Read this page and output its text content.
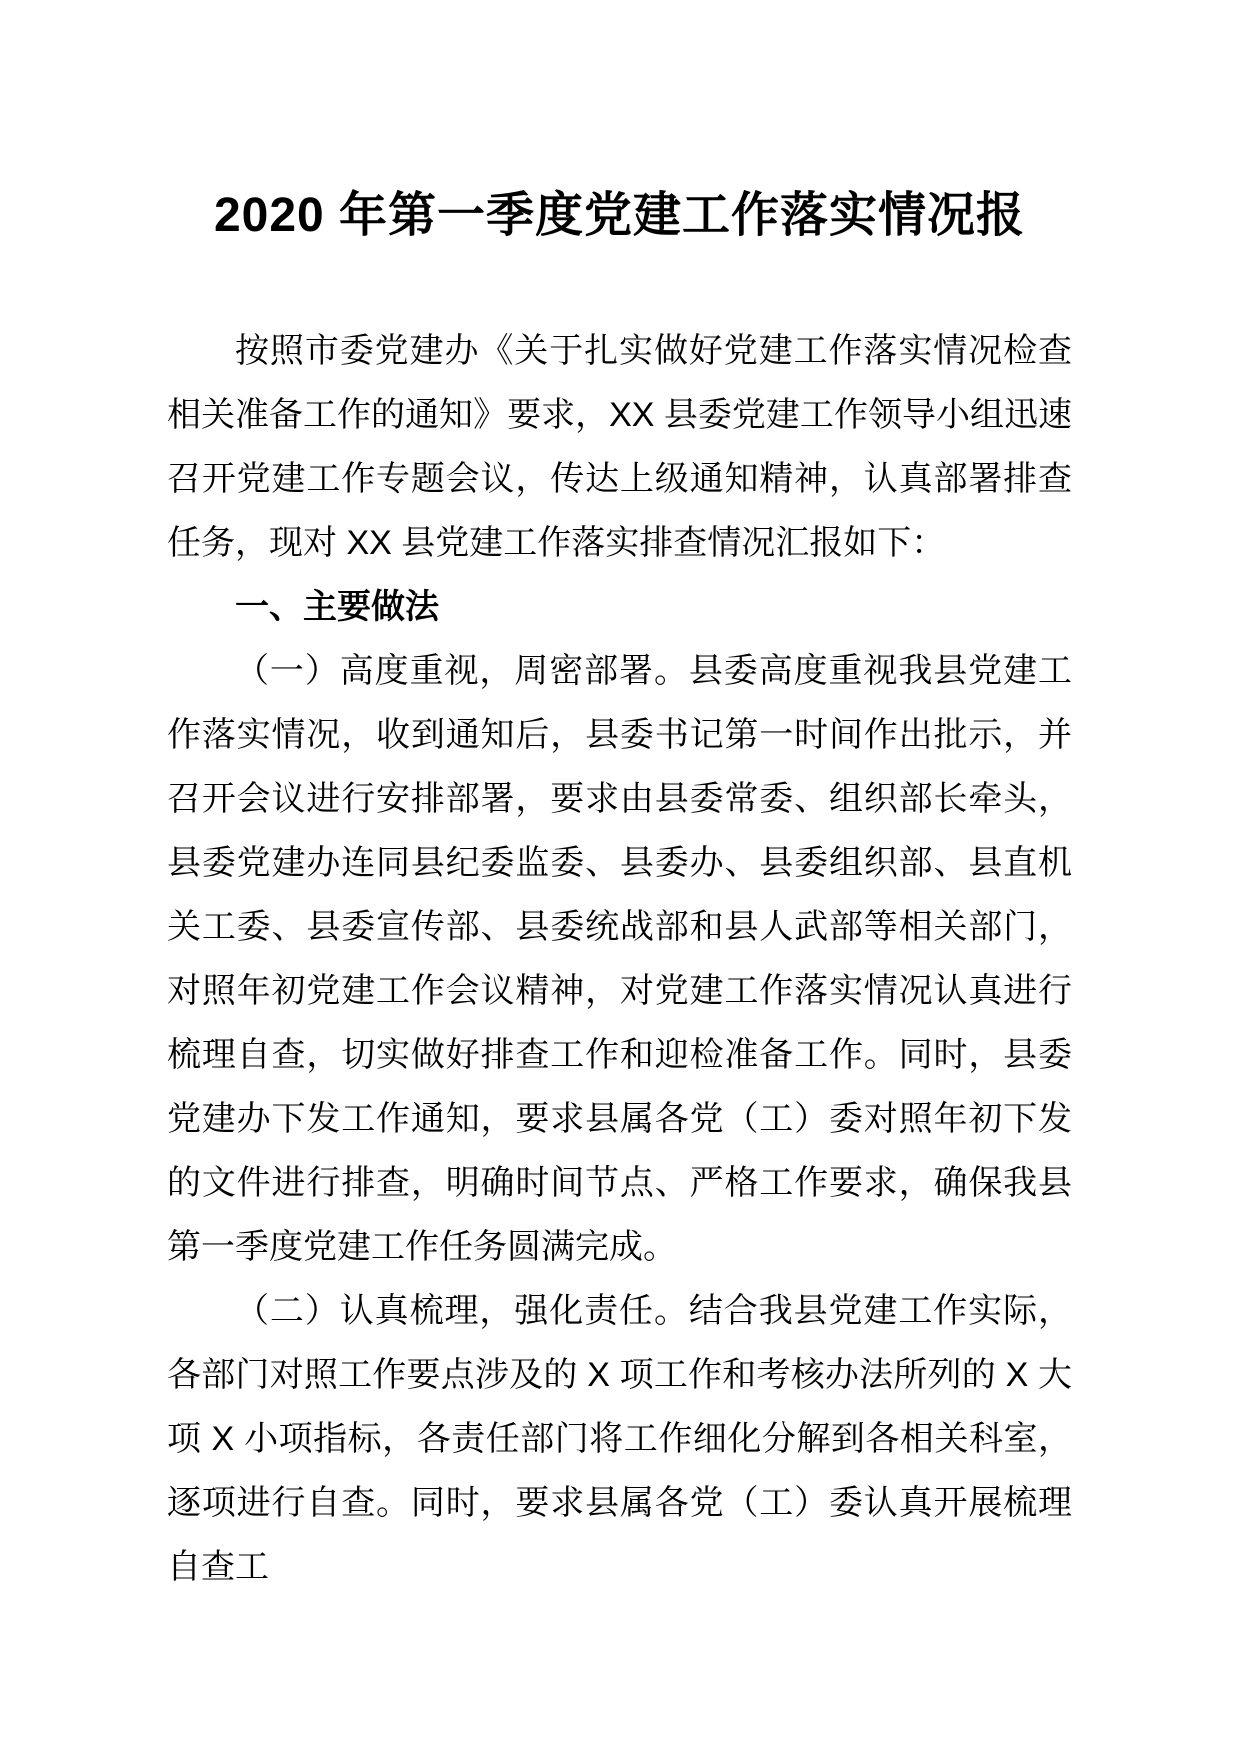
2020 年第一季度党建工作落实情况报

按照市委党建办《关于扎实做好党建工作落实情况检查相关准备工作的通知》要求，XX 县委党建工作领导小组迅速召开党建工作专题会议，传达上级通知精神，认真部署排查任务，现对 XX 县党建工作落实排查情况汇报如下：

一、主要做法

（一）高度重视，周密部署。县委高度重视我县党建工作落实情况，收到通知后，县委书记第一时间作出批示，并召开会议进行安排部署，要求由县委常委、组织部长牵头，县委党建办连同县纪委监委、县委办、县委组织部、县直机关工委、县委宣传部、县委统战部和县人武部等相关部门，对照年初党建工作会议精神，对党建工作落实情况认真进行梳理自查，切实做好排查工作和迎检准备工作。同时，县委党建办下发工作通知，要求县属各党（工）委对照年初下发的文件进行排查，明确时间节点、严格工作要求，确保我县第一季度党建工作任务圆满完成。

（二）认真梳理，强化责任。结合我县党建工作实际，各部门对照工作要点涉及的 X 项工作和考核办法所列的 X 大项 X 小项指标，各责任部门将工作细化分解到各相关科室，逐项进行自查。同时，要求县属各党（工）委认真开展梳理自查工
